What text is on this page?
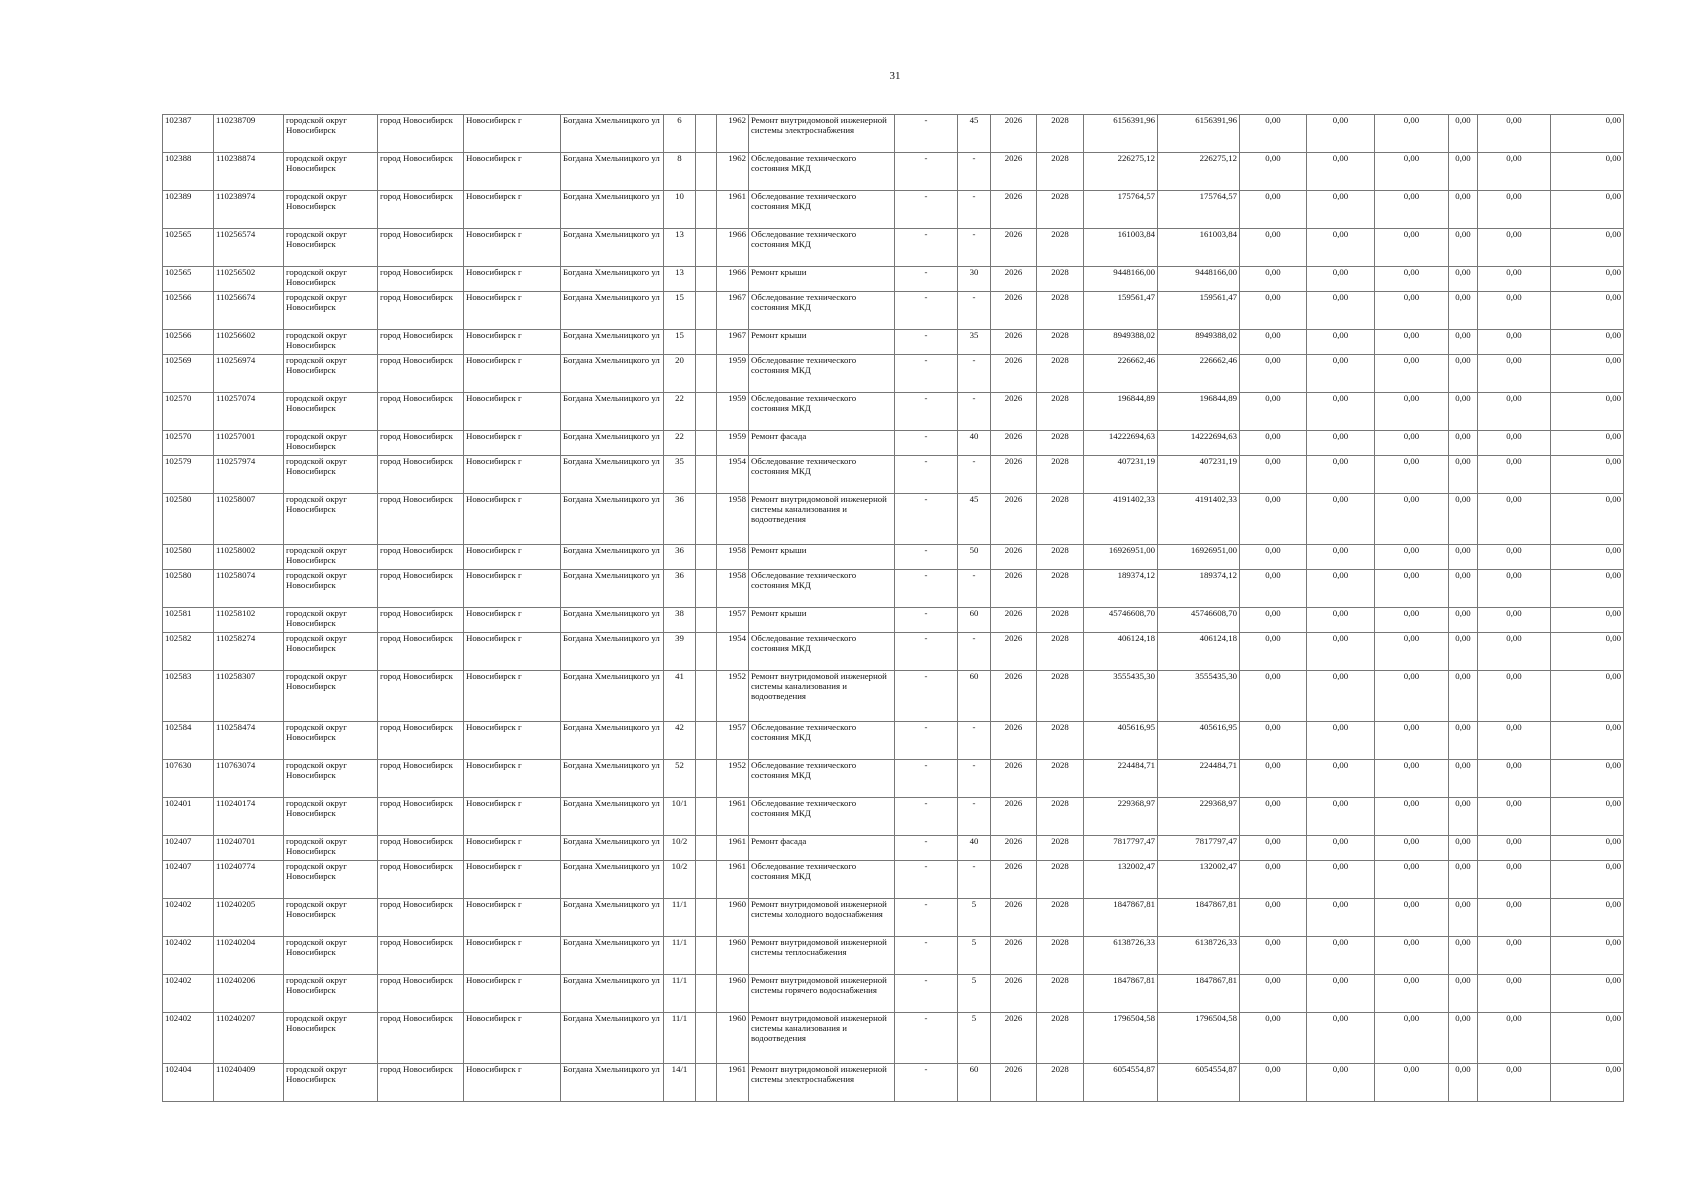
31
102387	110238709	городской округ Новосибирск	город Новосибирск	Новосибирск г	Богдана Хмельницкого ул	6		1962	Ремонт внутридомовой инженерной системы электроснабжения	-	45	2026	2028	6156391,96	6156391,96	0,00	0,00	0,00	0,00	0,00	0,00
102388	110238874	городской округ Новосибирск	город Новосибирск	Новосибирск г	Богдана Хмельницкого ул	8		1962	Обследование технического состояния МКД	-	-	2026	2028	226275,12	226275,12	0,00	0,00	0,00	0,00	0,00	0,00
102389	110238974	городской округ Новосибирск	город Новосибирск	Новосибирск г	Богдана Хмельницкого ул	10		1961	Обследование технического состояния МКД	-	-	2026	2028	175764,57	175764,57	0,00	0,00	0,00	0,00	0,00	0,00
102565	110256574	городской округ Новосибирск	город Новосибирск	Новосибирск г	Богдана Хмельницкого ул	13		1966	Обследование технического состояния МКД	-	-	2026	2028	161003,84	161003,84	0,00	0,00	0,00	0,00	0,00	0,00
102565	110256502	городской округ Новосибирск	город Новосибирск	Новосибирск г	Богдана Хмельницкого ул	13		1966	Ремонт крыши	-	30	2026	2028	9448166,00	9448166,00	0,00	0,00	0,00	0,00	0,00	0,00
102566	110256674	городской округ Новосибирск	город Новосибирск	Новосибирск г	Богдана Хмельницкого ул	15		1967	Обследование технического состояния МКД	-	-	2026	2028	159561,47	159561,47	0,00	0,00	0,00	0,00	0,00	0,00
102566	110256602	городской округ Новосибирск	город Новосибирск	Новосибирск г	Богдана Хмельницкого ул	15		1967	Ремонт крыши	-	35	2026	2028	8949388,02	8949388,02	0,00	0,00	0,00	0,00	0,00	0,00
102569	110256974	городской округ Новосибирск	город Новосибирск	Новосибирск г	Богдана Хмельницкого ул	20		1959	Обследование технического состояния МКД	-	-	2026	2028	226662,46	226662,46	0,00	0,00	0,00	0,00	0,00	0,00
102570	110257074	городской округ Новосибирск	город Новосибирск	Новосибирск г	Богдана Хмельницкого ул	22		1959	Обследование технического состояния МКД	-	-	2026	2028	196844,89	196844,89	0,00	0,00	0,00	0,00	0,00	0,00
102570	110257001	городской округ Новосибирск	город Новосибирск	Новосибирск г	Богдана Хмельницкого ул	22		1959	Ремонт фасада	-	40	2026	2028	14222694,63	14222694,63	0,00	0,00	0,00	0,00	0,00	0,00
102579	110257974	городской округ Новосибирск	город Новосибирск	Новосибирск г	Богдана Хмельницкого ул	35		1954	Обследование технического состояния МКД	-	-	2026	2028	407231,19	407231,19	0,00	0,00	0,00	0,00	0,00	0,00
102580	110258007	городской округ Новосибирск	город Новосибирск	Новосибирск г	Богдана Хмельницкого ул	36		1958	Ремонт внутридомовой инженерной системы канализования и водоотведения	-	45	2026	2028	4191402,33	4191402,33	0,00	0,00	0,00	0,00	0,00	0,00
102580	110258002	городской округ Новосибирск	город Новосибирск	Новосибирск г	Богдана Хмельницкого ул	36		1958	Ремонт крыши	-	50	2026	2028	16926951,00	16926951,00	0,00	0,00	0,00	0,00	0,00	0,00
102580	110258074	городской округ Новосибирск	город Новосибирск	Новосибирск г	Богдана Хмельницкого ул	36		1958	Обследование технического состояния МКД	-	-	2026	2028	189374,12	189374,12	0,00	0,00	0,00	0,00	0,00	0,00
102581	110258102	городской округ Новосибирск	город Новосибирск	Новосибирск г	Богдана Хмельницкого ул	38		1957	Ремонт крыши	-	60	2026	2028	45746608,70	45746608,70	0,00	0,00	0,00	0,00	0,00	0,00
102582	110258274	городской округ Новосибирск	город Новосибирск	Новосибирск г	Богдана Хмельницкого ул	39		1954	Обследование технического состояния МКД	-	-	2026	2028	406124,18	406124,18	0,00	0,00	0,00	0,00	0,00	0,00
102583	110258307	городской округ Новосибирск	город Новосибирск	Новосибирск г	Богдана Хмельницкого ул	41		1952	Ремонт внутридомовой инженерной системы канализования и водоотведения	-	60	2026	2028	3555435,30	3555435,30	0,00	0,00	0,00	0,00	0,00	0,00
102584	110258474	городской округ Новосибирск	город Новосибирск	Новосибирск г	Богдана Хмельницкого ул	42		1957	Обследование технического состояния МКД	-	-	2026	2028	405616,95	405616,95	0,00	0,00	0,00	0,00	0,00	0,00
107630	110763074	городской округ Новосибирск	город Новосибирск	Новосибирск г	Богдана Хмельницкого ул	52		1952	Обследование технического состояния МКД	-	-	2026	2028	224484,71	224484,71	0,00	0,00	0,00	0,00	0,00	0,00
102401	110240174	городской округ Новосибирск	город Новосибирск	Новосибирск г	Богдана Хмельницкого ул	10/1		1961	Обследование технического состояния МКД	-	-	2026	2028	229368,97	229368,97	0,00	0,00	0,00	0,00	0,00	0,00
102407	110240701	городской округ Новосибирск	город Новосибирск	Новосибирск г	Богдана Хмельницкого ул	10/2		1961	Ремонт фасада	-	40	2026	2028	7817797,47	7817797,47	0,00	0,00	0,00	0,00	0,00	0,00
102407	110240774	городской округ Новосибирск	город Новосибирск	Новосибирск г	Богдана Хмельницкого ул	10/2		1961	Обследование технического состояния МКД	-	-	2026	2028	132002,47	132002,47	0,00	0,00	0,00	0,00	0,00	0,00
102402	110240205	городской округ Новосибирск	город Новосибирск	Новосибирск г	Богдана Хмельницкого ул	11/1		1960	Ремонт внутридомовой инженерной системы холодного водоснабжения	-	5	2026	2028	1847867,81	1847867,81	0,00	0,00	0,00	0,00	0,00	0,00
102402	110240204	городской округ Новосибирск	город Новосибирск	Новосибирск г	Богдана Хмельницкого ул	11/1		1960	Ремонт внутридомовой инженерной системы теплоснабжения	-	5	2026	2028	6138726,33	6138726,33	0,00	0,00	0,00	0,00	0,00	0,00
102402	110240206	городской округ Новосибирск	город Новосибирск	Новосибирск г	Богдана Хмельницкого ул	11/1		1960	Ремонт внутридомовой инженерной системы горячего водоснабжения	-	5	2026	2028	1847867,81	1847867,81	0,00	0,00	0,00	0,00	0,00	0,00
102402	110240207	городской округ Новосибирск	город Новосибирск	Новосибирск г	Богдана Хмельницкого ул	11/1		1960	Ремонт внутридомовой инженерной системы канализования и водоотведения	-	5	2026	2028	1796504,58	1796504,58	0,00	0,00	0,00	0,00	0,00	0,00
102404	110240409	городской округ Новосибирск	город Новосибирск	Новосибирск г	Богдана Хмельницкого ул	14/1		1961	Ремонт внутридомовой инженерной системы электроснабжения	-	60	2026	2028	6054554,87	6054554,87	0,00	0,00	0,00	0,00	0,00	0,00
